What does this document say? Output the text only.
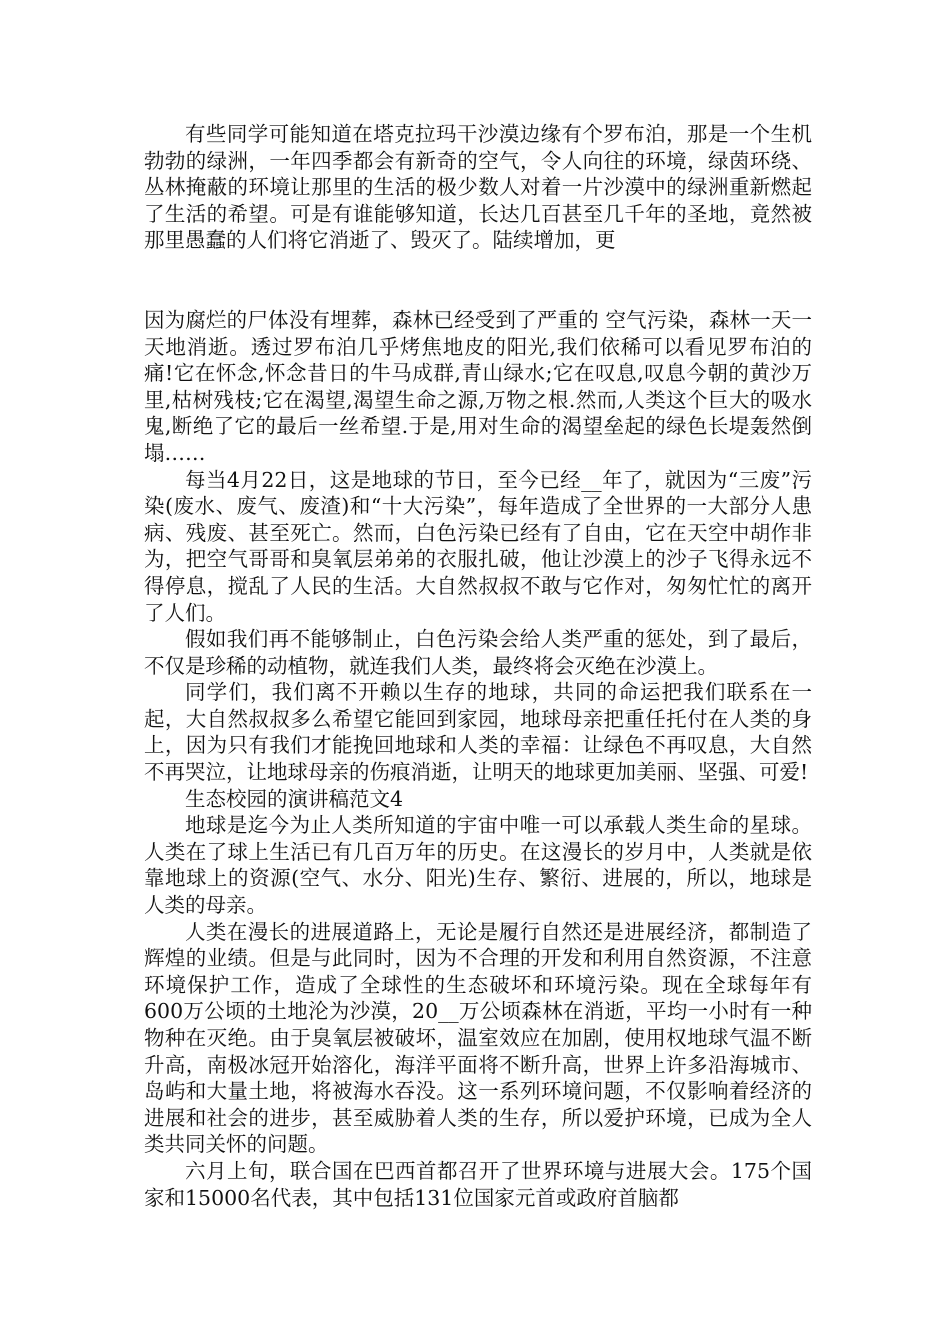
有些同学可能知道在塔克拉玛干沙漠边缘有个罗布泊，那是一个生机勃勃的绿洲，一年四季都会有新奇的空气，令人向往的环境，绿茵环绕、丛林掩蔽的环境让那里的生活的极少数人对着一片沙漠中的绿洲重新燃起了生活的希望。可是有谁能够知道，长达几百甚至几千年的圣地，竟然被那里愚蠢的人们将它消逝了、毁灭了。陆续增加，更

因为腐烂的尸体没有埋葬，森林已经受到了严重的 空气污染，森林一天一天地消逝。透过罗布泊几乎烤焦地皮的阳光,我们依稀可以看见罗布泊的痛!它在怀念,怀念昔日的牛马成群,青山绿水;它在叹息,叹息今朝的黄沙万里,枯树残枝;它在渴望,渴望生命之源,万物之根.然而,人类这个巨大的吸水鬼,断绝了它的最后一丝希望.于是,用对生命的渴望垒起的绿色长堤轰然倒塌……

每当4月22日，这是地球的节日，至今已经__年了，就因为“三废”污染(废水、废气、废渣)和“十大污染”，每年造成了全世界的一大部分人患病、残废、甚至死亡。然而，白色污染已经有了自由，它在天空中胡作非为，把空气哥哥和臭氧层弟弟的衣服扎破，他让沙漠上的沙子飞得永远不得停息，搅乱了人民的生活。大自然叔叔不敢与它作对，匆匆忙忙的离开了人们。

假如我们再不能够制止，白色污染会给人类严重的惩处，到了最后，不仅是珍稀的动植物，就连我们人类，最终将会灭绝在沙漠上。

同学们，我们离不开赖以生存的地球，共同的命运把我们联系在一起，大自然叔叔多么希望它能回到家园，地球母亲把重任托付在人类的身上，因为只有我们才能挽回地球和人类的幸福：让绿色不再叹息，大自然不再哭泣，让地球母亲的伤痕消逝，让明天的地球更加美丽、坚强、可爱!

生态校园的演讲稿范文4

地球是迄今为止人类所知道的宇宙中唯一可以承载人类生命的星球。人类在了球上生活已有几百万年的历史。在这漫长的岁月中，人类就是依靠地球上的资源(空气、水分、阳光)生存、繁衍、进展的，所以，地球是人类的母亲。

人类在漫长的进展道路上，无论是履行自然还是进展经济，都制造了辉煌的业绩。但是与此同时，因为不合理的开发和利用自然资源，不注意环境保护工作，造成了全球性的生态破坏和环境污染。现在全球每年有600万公顷的土地沦为沙漠，20__万公顷森林在消逝，平均一小时有一种物种在灭绝。由于臭氧层被破坏，温室效应在加剧，使用权地球气温不断升高，南极冰冠开始溶化，海洋平面将不断升高，世界上许多沿海城市、岛屿和大量土地，将被海水吞没。这一系列环境问题，不仅影响着经济的进展和社会的进步，甚至威胁着人类的生存，所以爱护环境，已成为全人类共同关怀的问题。

六月上旬，联合国在巴西首都召开了世界环境与进展大会。175个国家和15000名代表，其中包括131位国家元首或政府首脑都
